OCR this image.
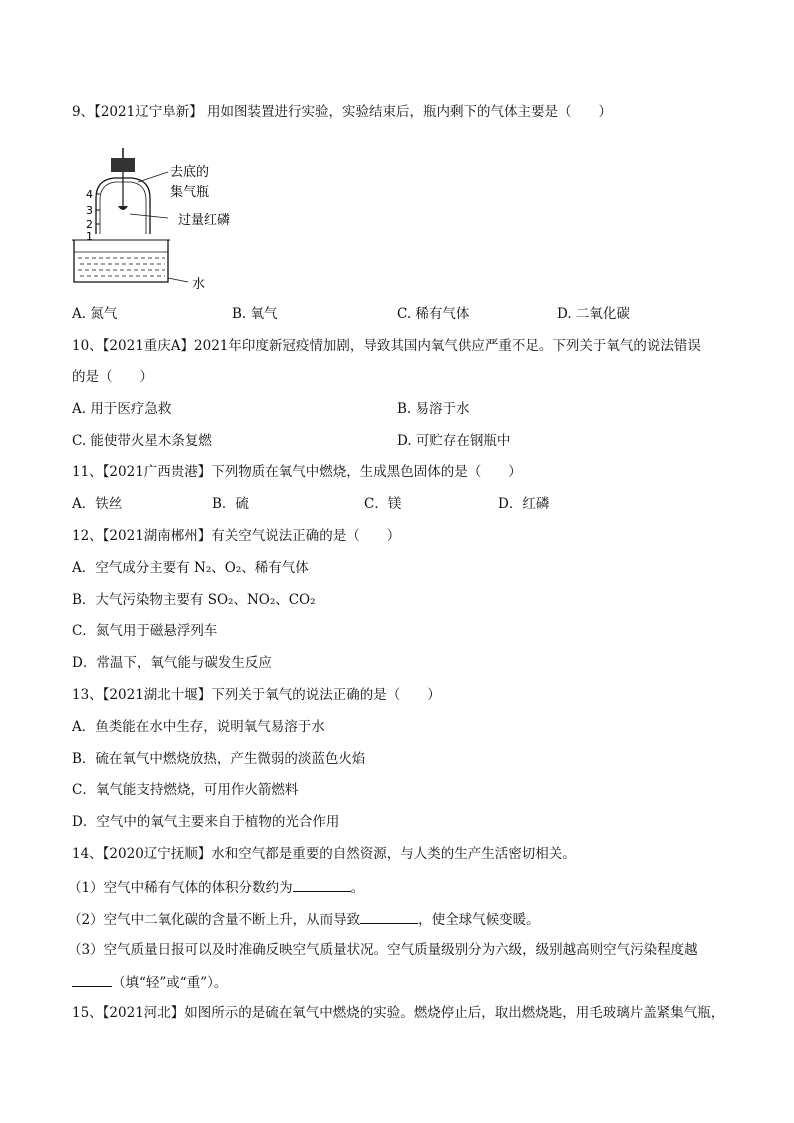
9、【2021辽宁阜新】 用如图装置进行实验，实验结束后，瓶内剩下的气体主要是（　　）
4
3
2
1
去底的
集气瓶
过量红磷
水
A. 氮气	B. 氧气	C. 稀有气体	D. 二氧化碳
10、【2021重庆A】2021年印度新冠疫情加剧，导致其国内氧气供应严重不足。下列关于氧气的说法错误
的是（　　）
A. 用于医疗急救	B. 易溶于水
C. 能使带火星木条复燃	D. 可贮存在钢瓶中
11、【2021广西贵港】下列物质在氧气中燃烧，生成黑色固体的是（　　）
A．铁丝	B．硫	C．镁	D．红磷
12、【2021湖南郴州】有关空气说法正确的是（　　）
A．空气成分主要有 N₂、O₂、稀有气体
B．大气污染物主要有 SO₂、NO₂、CO₂
C．氮气用于磁悬浮列车
D．常温下，氧气能与碳发生反应
13、【2021湖北十堰】下列关于氧气的说法正确的是（　　）
A．鱼类能在水中生存，说明氧气易溶于水
B．硫在氧气中燃烧放热，产生微弱的淡蓝色火焰
C．氧气能支持燃烧，可用作火箭燃料
D．空气中的氧气主要来自于植物的光合作用
14、【2020辽宁抚顺】水和空气都是重要的自然资源，与人类的生产生活密切相关。
（1）空气中稀有气体的体积分数约为	。
（2）空气中二氧化碳的含量不断上升，从而导致	，使全球气候变暖。
（3）空气质量日报可以及时准确反映空气质量状况。空气质量级别分为六级，级别越高则空气污染程度越
（填“轻”或“重”）。
15、【2021河北】如图所示的是硫在氧气中燃烧的实验。燃烧停止后，取出燃烧匙，用毛玻璃片盖紧集气瓶，
